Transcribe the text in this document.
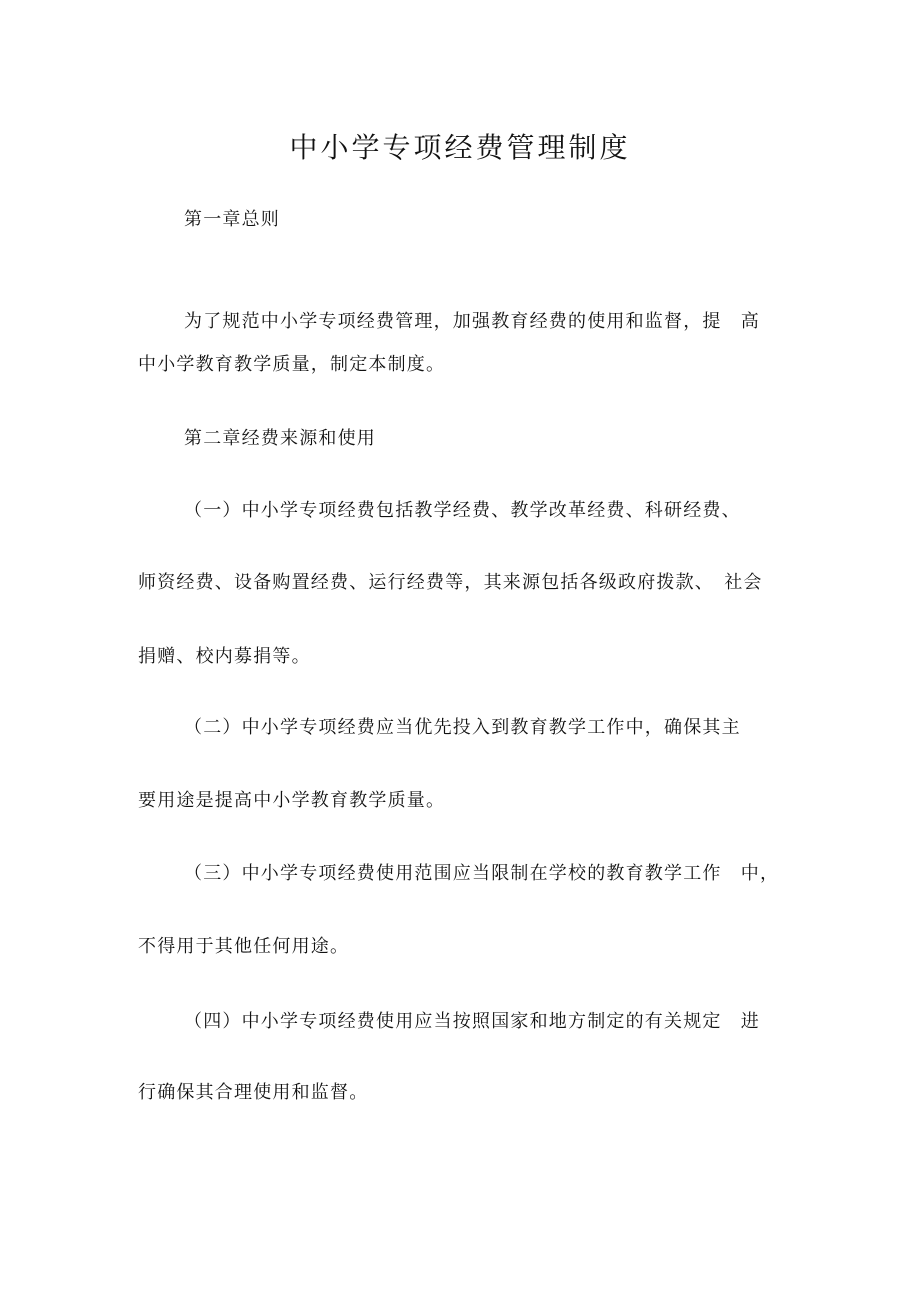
中小学专项经费管理制度
第一章总则
为了规范中小学专项经费管理，加强教育经费的使用和监督，提　高
中小学教育教学质量，制定本制度。
第二章经费来源和使用
（一）中小学专项经费包括教学经费、教学改革经费、科研经费、
师资经费、设备购置经费、运行经费等，其来源包括各级政府拨款、　社会
捐赠、校内募捐等。
（二）中小学专项经费应当优先投入到教育教学工作中，确保其主
要用途是提高中小学教育教学质量。
（三）中小学专项经费使用范围应当限制在学校的教育教学工作　中，
不得用于其他任何用途。
（四）中小学专项经费使用应当按照国家和地方制定的有关规定　进
行确保其合理使用和监督。
